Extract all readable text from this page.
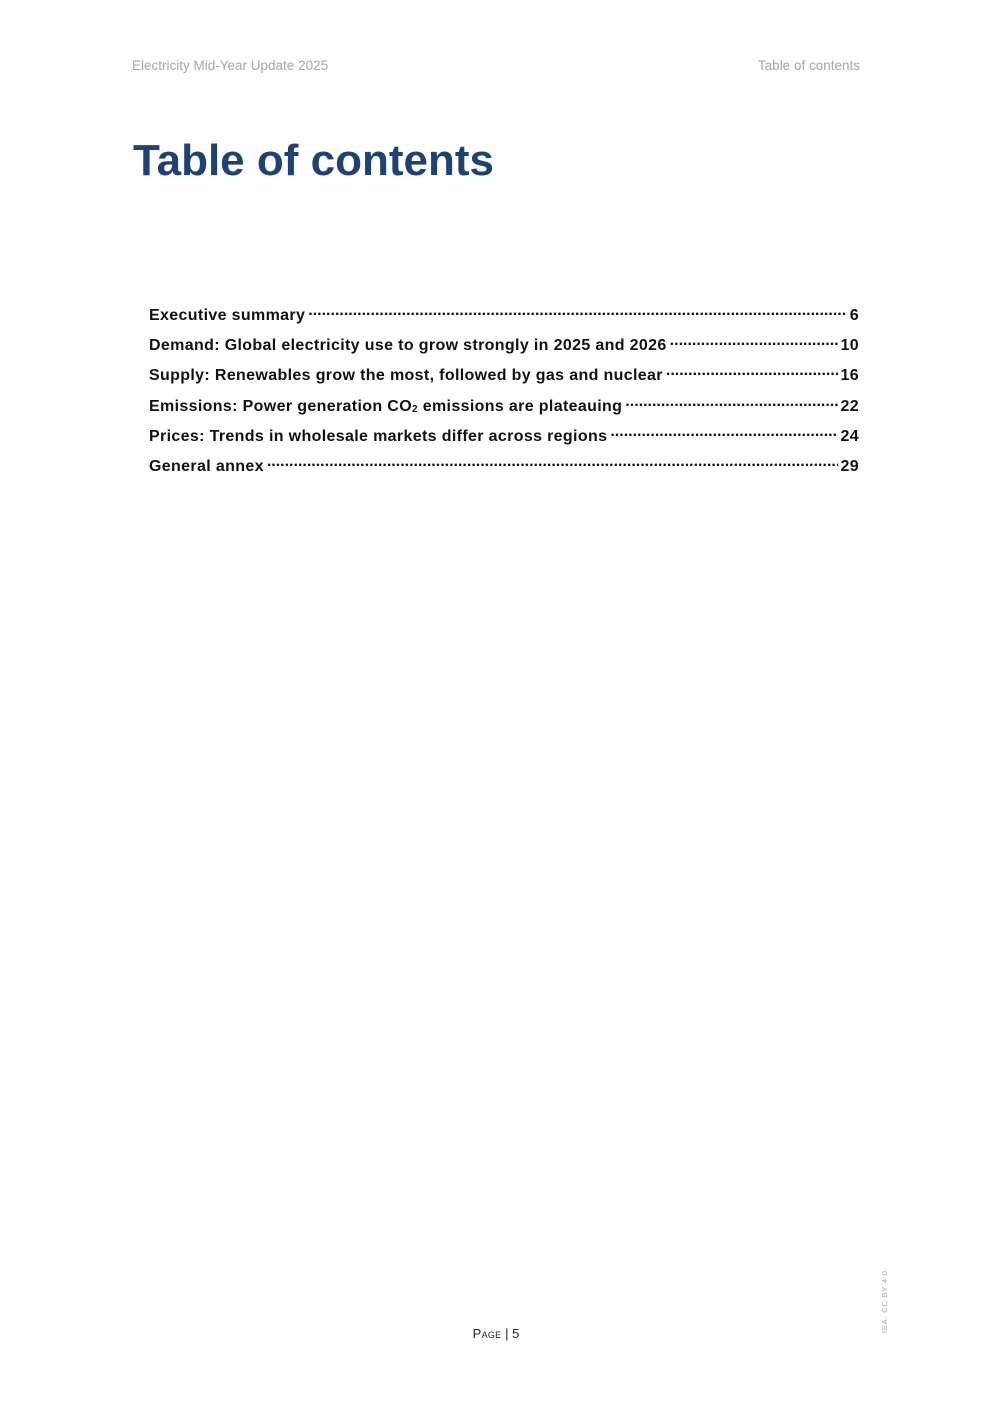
Electricity Mid-Year Update 2025	Table of contents
Table of contents
Executive summary .....	6
Demand: Global electricity use to grow strongly in 2025 and 2026 .....	10
Supply: Renewables grow the most, followed by gas and nuclear .....	16
Emissions: Power generation $CO_2$ emissions are plateauing .....	22
Prices: Trends in wholesale markets differ across regions .....	24
General annex .....	29
Page | 5
IEA. CC BY 4.0.
